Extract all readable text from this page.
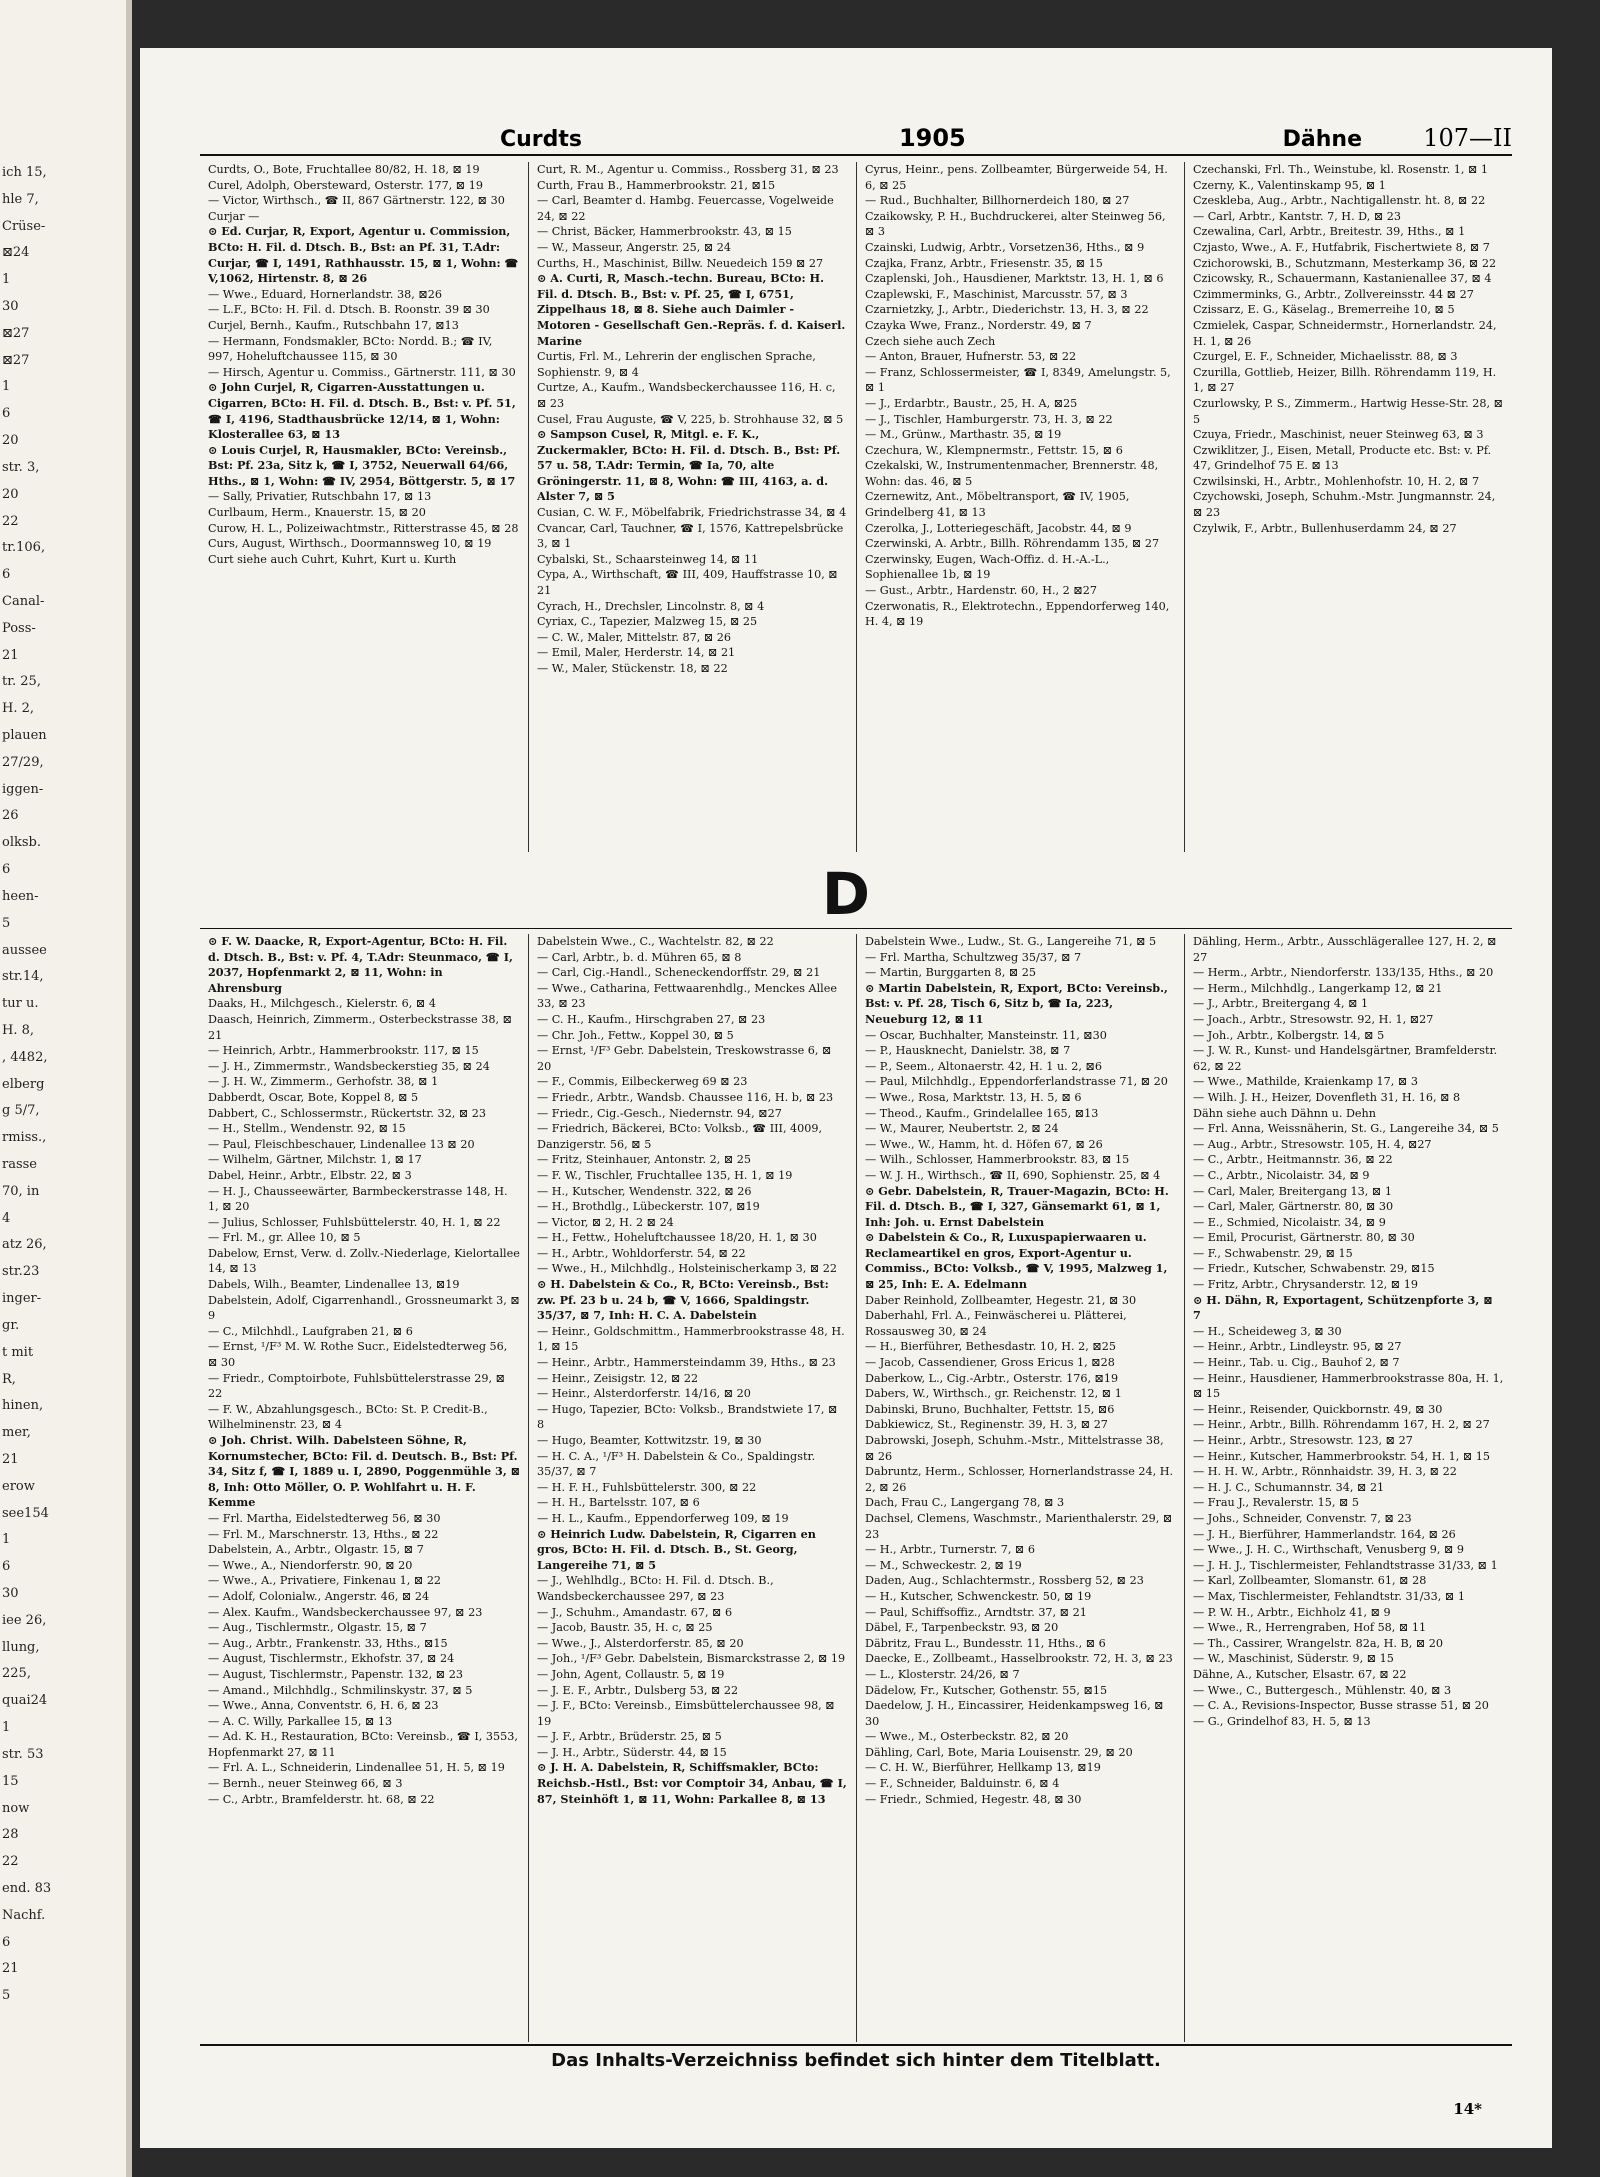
ich 15,
hle 7,
Crüse-
⊠24
1
30
⊠27
⊠27
1
6
20
str. 3,
20
22
tr.106,
6
Canal-
Poss-
21
tr. 25,
H. 2,
plauen
27/29,
iggen-
26
olksb.
6
heen-
5
aussee
str.14,
tur u.
H. 8,
, 4482,
elberg
g 5/7,
rmiss.,
rasse
70, in
4
atz 26,
str.23
inger-
gr.
t mit
R,
hinen,
mer,
21
erow
see154
1
6
30
iee 26,
llung,
225,
quai24
1
str. 53
15
now
28
22
end. 83
Nachf.
6
21
5
Curdts	1905	Dähne	107—II

Curdts, O., Bote, Fruchtallee 80/82, H. 18, ⊠ 19

Curel, Adolph, Obersteward, Osterstr. 177, ⊠ 19

— Victor, Wirthsch., ☎ II, 867 Gärtnerstr. 122, ⊠ 30

Curjar —

⊙ Ed. Curjar, R, Export, Agentur u. Commission, BCto: H. Fil. d. Dtsch. B., Bst: an Pf. 31, T.Adr: Curjar, ☎ I, 1491, Rathhausstr. 15, ⊠ 1, Wohn: ☎ V,1062, Hirtenstr. 8, ⊠ 26

— Wwe., Eduard, Hornerlandstr. 38, ⊠26

— L.F., BCto: H. Fil. d. Dtsch. B. Roonstr. 39 ⊠ 30

Curjel, Bernh., Kaufm., Rutschbahn 17, ⊠13

— Hermann, Fondsmakler, BCto: Nordd. B.; ☎ IV, 997, Hoheluftchaussee 115, ⊠ 30

— Hirsch, Agentur u. Commiss., Gärtnerstr. 111, ⊠ 30

⊙ John Curjel, R, Cigarren-Ausstattungen u. Cigarren, BCto: H. Fil. d. Dtsch. B., Bst: v. Pf. 51, ☎ I, 4196, Stadthausbrücke 12/14, ⊠ 1, Wohn: Klosterallee 63, ⊠ 13

⊙ Louis Curjel, R, Hausmakler, BCto: Vereinsb., Bst: Pf. 23a, Sitz k, ☎ I, 3752, Neuerwall 64/66, Hths., ⊠ 1, Wohn: ☎ IV, 2954, Böttgerstr. 5, ⊠ 17

— Sally, Privatier, Rutschbahn 17, ⊠ 13

Curlbaum, Herm., Knauerstr. 15, ⊠ 20

Curow, H. L., Polizeiwachtmstr., Ritterstrasse 45, ⊠ 28

Curs, August, Wirthsch., Doormannsweg 10, ⊠ 19

Curt siehe auch Cuhrt, Kuhrt, Kurt u. Kurth

Curt, R. M., Agentur u. Commiss., Rossberg 31, ⊠ 23

Curth, Frau B., Hammerbrookstr. 21, ⊠15

— Carl, Beamter d. Hambg. Feuercasse, Vogelweide 24, ⊠ 22

— Christ, Bäcker, Hammerbrookstr. 43, ⊠ 15

— W., Masseur, Angerstr. 25, ⊠ 24

Curths, H., Maschinist, Billw. Neuedeich 159 ⊠ 27

⊙ A. Curti, R, Masch.-techn. Bureau, BCto: H. Fil. d. Dtsch. B., Bst: v. Pf. 25, ☎ I, 6751, Zippelhaus 18, ⊠ 8. Siehe auch Daimler - Motoren - Gesellschaft Gen.-Repräs. f. d. Kaiserl. Marine

Curtis, Frl. M., Lehrerin der englischen Sprache, Sophienstr. 9, ⊠ 4

Curtze, A., Kaufm., Wandsbeckerchaussee 116, H. c, ⊠ 23

Cusel, Frau Auguste, ☎ V, 225, b. Strohhause 32, ⊠ 5

⊙ Sampson Cusel, R, Mitgl. e. F. K., Zuckermakler, BCto: H. Fil. d. Dtsch. B., Bst: Pf. 57 u. 58, T.Adr: Termin, ☎ Ia, 70, alte Gröningerstr. 11, ⊠ 8, Wohn: ☎ III, 4163, a. d. Alster 7, ⊠ 5

Cusian, C. W. F., Möbelfabrik, Friedrichstrasse 34, ⊠ 4

Cvancar, Carl, Tauchner, ☎ I, 1576, Kattrepelsbrücke 3, ⊠ 1

Cybalski, St., Schaarsteinweg 14, ⊠ 11

Cypa, A., Wirthschaft, ☎ III, 409, Hauffstrasse 10, ⊠ 21

Cyrach, H., Drechsler, Lincolnstr. 8, ⊠ 4

Cyriax, C., Tapezier, Malzweg 15, ⊠ 25

— C. W., Maler, Mittelstr. 87, ⊠ 26

— Emil, Maler, Herderstr. 14, ⊠ 21

— W., Maler, Stückenstr. 18, ⊠ 22

Cyrus, Heinr., pens. Zollbeamter, Bürgerweide 54, H. 6, ⊠ 25

— Rud., Buchhalter, Billhornerdeich 180, ⊠ 27

Czaikowsky, P. H., Buchdruckerei, alter Steinweg 56, ⊠ 3

Czainski, Ludwig, Arbtr., Vorsetzen36, Hths., ⊠ 9

Czajka, Franz, Arbtr., Friesenstr. 35, ⊠ 15

Czaplenski, Joh., Hausdiener, Marktstr. 13, H. 1, ⊠ 6

Czaplewski, F., Maschinist, Marcusstr. 57, ⊠ 3

Czarnietzky, J., Arbtr., Diederichstr. 13, H. 3, ⊠ 22

Czayka Wwe, Franz., Norderstr. 49, ⊠ 7

Czech siehe auch Zech

— Anton, Brauer, Hufnerstr. 53, ⊠ 22

— Franz, Schlossermeister, ☎ I, 8349, Amelungstr. 5, ⊠ 1

— J., Erdarbtr., Baustr., 25, H. A, ⊠25

— J., Tischler, Hamburgerstr. 73, H. 3, ⊠ 22

— M., Grünw., Marthastr. 35, ⊠ 19

Czechura, W., Klempnermstr., Fettstr. 15, ⊠ 6

Czekalski, W., Instrumentenmacher, Brennerstr. 48, Wohn: das. 46, ⊠ 5

Czernewitz, Ant., Möbeltransport, ☎ IV, 1905, Grindelberg 41, ⊠ 13

Czerolka, J., Lotteriegeschäft, Jacobstr. 44, ⊠ 9

Czerwinski, A. Arbtr., Billh. Röhrendamm 135, ⊠ 27

Czerwinsky, Eugen, Wach-Offiz. d. H.-A.-L., Sophienallee 1b, ⊠ 19

— Gust., Arbtr., Hardenstr. 60, H., 2 ⊠27

Czerwonatis, R., Elektrotechn., Eppendorferweg 140, H. 4, ⊠ 19

Czechanski, Frl. Th., Weinstube, kl. Rosenstr. 1, ⊠ 1

Czerny, K., Valentinskamp 95, ⊠ 1

Czeskleba, Aug., Arbtr., Nachtigallenstr. ht. 8, ⊠ 22

— Carl, Arbtr., Kantstr. 7, H. D, ⊠ 23

Czewalina, Carl, Arbtr., Breitestr. 39, Hths., ⊠ 1

Czjasto, Wwe., A. F., Hutfabrik, Fischertwiete 8, ⊠ 7

Czichorowski, B., Schutzmann, Mesterkamp 36, ⊠ 22

Czicowsky, R., Schauermann, Kastanienallee 37, ⊠ 4

Czimmerminks, G., Arbtr., Zollvereinsstr. 44 ⊠ 27

Czissarz, E. G., Käselag., Bremerreihe 10, ⊠ 5

Czmielek, Caspar, Schneidermstr., Hornerlandstr. 24, H. 1, ⊠ 26

Czurgel, E. F., Schneider, Michaelisstr. 88, ⊠ 3

Czurilla, Gottlieb, Heizer, Billh. Röhrendamm 119, H. 1, ⊠ 27

Czurlowsky, P. S., Zimmerm., Hartwig Hesse-Str. 28, ⊠ 5

Czuya, Friedr., Maschinist, neuer Steinweg 63, ⊠ 3

Czwiklitzer, J., Eisen, Metall, Producte etc. Bst: v. Pf. 47, Grindelhof 75 E. ⊠ 13

Czwilsinski, H., Arbtr., Mohlenhofstr. 10, H. 2, ⊠ 7

Czychowski, Joseph, Schuhm.-Mstr. Jungmannstr. 24, ⊠ 23

Czylwik, F., Arbtr., Bullenhuserdamm 24, ⊠ 27

D

⊙ F. W. Daacke, R, Export-Agentur, BCto: H. Fil. d. Dtsch. B., Bst: v. Pf. 4, T.Adr: Steunmaco, ☎ I, 2037, Hopfenmarkt 2, ⊠ 11, Wohn: in Ahrensburg

Daaks, H., Milchgesch., Kielerstr. 6, ⊠ 4

Daasch, Heinrich, Zimmerm., Osterbeckstrasse 38, ⊠ 21

— Heinrich, Arbtr., Hammerbrookstr. 117, ⊠ 15

— J. H., Zimmermstr., Wandsbeckerstieg 35, ⊠ 24

— J. H. W., Zimmerm., Gerhofstr. 38, ⊠ 1

Dabberdt, Oscar, Bote, Koppel 8, ⊠ 5

Dabbert, C., Schlossermstr., Rückertstr. 32, ⊠ 23

— H., Stellm., Wendenstr. 92, ⊠ 15

— Paul, Fleischbeschauer, Lindenallee 13 ⊠ 20

— Wilhelm, Gärtner, Milchstr. 1, ⊠ 17

Dabel, Heinr., Arbtr., Elbstr. 22, ⊠ 3

— H. J., Chausseewärter, Barmbeckerstrasse 148, H. 1, ⊠ 20

— Julius, Schlosser, Fuhlsbüttelerstr. 40, H. 1, ⊠ 22

— Frl. M., gr. Allee 10, ⊠ 5

Dabelow, Ernst, Verw. d. Zollv.-Niederlage, Kielortallee 14, ⊠ 13

Dabels, Wilh., Beamter, Lindenallee 13, ⊠19

Dabelstein, Adolf, Cigarrenhandl., Grossneumarkt 3, ⊠ 9

— C., Milchhdl., Laufgraben 21, ⊠ 6

— Ernst, ¹/F³ M. W. Rothe Sucr., Eidelstedterweg 56, ⊠ 30

— Friedr., Comptoirbote, Fuhlsbüttelerstrasse 29, ⊠ 22

— F. W., Abzahlungsgesch., BCto: St. P. Credit-B., Wilhelminenstr. 23, ⊠ 4

⊙ Joh. Christ. Wilh. Dabelsteen Söhne, R, Kornumstecher, BCto: Fil. d. Deutsch. B., Bst: Pf. 34, Sitz f, ☎ I, 1889 u. I, 2890, Poggenmühle 3, ⊠ 8, Inh: Otto Möller, O. P. Wohlfahrt u. H. F. Kemme

— Frl. Martha, Eidelstedterweg 56, ⊠ 30

— Frl. M., Marschnerstr. 13, Hths., ⊠ 22

Dabelstein, A., Arbtr., Olgastr. 15, ⊠ 7

— Wwe., A., Niendorferstr. 90, ⊠ 20

— Wwe., A., Privatiere, Finkenau 1, ⊠ 22

— Adolf, Colonialw., Angerstr. 46, ⊠ 24

— Alex. Kaufm., Wandsbeckerchaussee 97, ⊠ 23

— Aug., Tischlermstr., Olgastr. 15, ⊠ 7

— Aug., Arbtr., Frankenstr. 33, Hths., ⊠15

— August, Tischlermstr., Ekhofstr. 37, ⊠ 24

— August, Tischlermstr., Papenstr. 132, ⊠ 23

— Amand., Milchhdlg., Schmilinskystr. 37, ⊠ 5

— Wwe., Anna, Conventstr. 6, H. 6, ⊠ 23

— A. C. Willy, Parkallee 15, ⊠ 13

— Ad. K. H., Restauration, BCto: Vereinsb., ☎ I, 3553, Hopfenmarkt 27, ⊠ 11

— Frl. A. L., Schneiderin, Lindenallee 51, H. 5, ⊠ 19

— Bernh., neuer Steinweg 66, ⊠ 3

— C., Arbtr., Bramfelderstr. ht. 68, ⊠ 22

Dabelstein Wwe., C., Wachtelstr. 82, ⊠ 22

— Carl, Arbtr., b. d. Mühren 65, ⊠ 8

— Carl, Cig.-Handl., Scheneckendorffstr. 29, ⊠ 21

— Wwe., Catharina, Fettwaarenhdlg., Menckes Allee 33, ⊠ 23

— C. H., Kaufm., Hirschgraben 27, ⊠ 23

— Chr. Joh., Fettw., Koppel 30, ⊠ 5

— Ernst, ¹/F³ Gebr. Dabelstein, Treskowstrasse 6, ⊠ 20

— F., Commis, Eilbeckerweg 69 ⊠ 23

— Friedr., Arbtr., Wandsb. Chaussee 116, H. b, ⊠ 23

— Friedr., Cig.-Gesch., Niedernstr. 94, ⊠27

— Friedrich, Bäckerei, BCto: Volksb., ☎ III, 4009, Danzigerstr. 56, ⊠ 5

— Fritz, Steinhauer, Antonstr. 2, ⊠ 25

— F. W., Tischler, Fruchtallee 135, H. 1, ⊠ 19

— H., Kutscher, Wendenstr. 322, ⊠ 26

— H., Brothdlg., Lübeckerstr. 107, ⊠19

— Victor, ⊠ 2, H. 2 ⊠ 24

— H., Fettw., Hoheluftchaussee 18/20, H. 1, ⊠ 30

— H., Arbtr., Wohldorferstr. 54, ⊠ 22

— Wwe., H., Milchhdlg., Holsteinischerkamp 3, ⊠ 22

⊙ H. Dabelstein & Co., R, BCto: Vereinsb., Bst: zw. Pf. 23 b u. 24 b, ☎ V, 1666, Spaldingstr. 35/37, ⊠ 7, Inh: H. C. A. Dabelstein

— Heinr., Goldschmittm., Hammerbrookstrasse 48, H. 1, ⊠ 15

— Heinr., Arbtr., Hammersteindamm 39, Hths., ⊠ 23

— Heinr., Zeisigstr. 12, ⊠ 22

— Heinr., Alsterdorferstr. 14/16, ⊠ 20

— Hugo, Tapezier, BCto: Volksb., Brandstwiete 17, ⊠ 8

— Hugo, Beamter, Kottwitzstr. 19, ⊠ 30

— H. C. A., ¹/F³ H. Dabelstein & Co., Spaldingstr. 35/37, ⊠ 7

— H. F. H., Fuhlsbüttelerstr. 300, ⊠ 22

— H. H., Bartelsstr. 107, ⊠ 6

— H. L., Kaufm., Eppendorferweg 109, ⊠ 19

⊙ Heinrich Ludw. Dabelstein, R, Cigarren en gros, BCto: H. Fil. d. Dtsch. B., St. Georg, Langereihe 71, ⊠ 5

— J., Wehlhdlg., BCto: H. Fil. d. Dtsch. B., Wandsbeckerchaussee 297, ⊠ 23

— J., Schuhm., Amandastr. 67, ⊠ 6

— Jacob, Baustr. 35, H. c, ⊠ 25

— Wwe., J., Alsterdorferstr. 85, ⊠ 20

— Joh., ¹/F³ Gebr. Dabelstein, Bismarckstrasse 2, ⊠ 19

— John, Agent, Collaustr. 5, ⊠ 19

— J. E. F., Arbtr., Dulsberg 53, ⊠ 22

— J. F., BCto: Vereinsb., Eimsbüttelerchaussee 98, ⊠ 19

— J. F., Arbtr., Brüderstr. 25, ⊠ 5

— J. H., Arbtr., Süderstr. 44, ⊠ 15

⊙ J. H. A. Dabelstein, R, Schiffsmakler, BCto: Reichsb.-Hstl., Bst: vor Comptoir 34, Anbau, ☎ I, 87, Steinhöft 1, ⊠ 11, Wohn: Parkallee 8, ⊠ 13

Dabelstein Wwe., Ludw., St. G., Langereihe 71, ⊠ 5

— Frl. Martha, Schultzweg 35/37, ⊠ 7

— Martin, Burggarten 8, ⊠ 25

⊙ Martin Dabelstein, R, Export, BCto: Vereinsb., Bst: v. Pf. 28, Tisch 6, Sitz b, ☎ Ia, 223, Neueburg 12, ⊠ 11

— Oscar, Buchhalter, Mansteinstr. 11, ⊠30

— P., Hausknecht, Danielstr. 38, ⊠ 7

— P., Seem., Altonaerstr. 42, H. 1 u. 2, ⊠6

— Paul, Milchhdlg., Eppendorferlandstrasse 71, ⊠ 20

— Wwe., Rosa, Marktstr. 13, H. 5, ⊠ 6

— Theod., Kaufm., Grindelallee 165, ⊠13

— W., Maurer, Neubertstr. 2, ⊠ 24

— Wwe., W., Hamm, ht. d. Höfen 67, ⊠ 26

— Wilh., Schlosser, Hammerbrookstr. 83, ⊠ 15

— W. J. H., Wirthsch., ☎ II, 690, Sophienstr. 25, ⊠ 4

⊙ Gebr. Dabelstein, R, Trauer-Magazin, BCto: H. Fil. d. Dtsch. B., ☎ I, 327, Gänsemarkt 61, ⊠ 1, Inh: Joh. u. Ernst Dabelstein

⊙ Dabelstein & Co., R, Luxuspapierwaaren u. Reclameartikel en gros, Export-Agentur u. Commiss., BCto: Volksb., ☎ V, 1995, Malzweg 1, ⊠ 25, Inh: E. A. Edelmann

Daber Reinhold, Zollbeamter, Hegestr. 21, ⊠ 30

Daberhahl, Frl. A., Feinwäscherei u. Plätterei, Rossausweg 30, ⊠ 24

— H., Bierführer, Bethesdastr. 10, H. 2, ⊠25

— Jacob, Cassendiener, Gross Ericus 1, ⊠28

Daberkow, L., Cig.-Arbtr., Osterstr. 176, ⊠19

Dabers, W., Wirthsch., gr. Reichenstr. 12, ⊠ 1

Dabinski, Bruno, Buchhalter, Fettstr. 15, ⊠6

Dabkiewicz, St., Reginenstr. 39, H. 3, ⊠ 27

Dabrowski, Joseph, Schuhm.-Mstr., Mittelstrasse 38, ⊠ 26

Dabruntz, Herm., Schlosser, Hornerlandstrasse 24, H. 2, ⊠ 26

Dach, Frau C., Langergang 78, ⊠ 3

Dachsel, Clemens, Waschmstr., Marienthalerstr. 29, ⊠ 23

— H., Arbtr., Turnerstr. 7, ⊠ 6

— M., Schweckestr. 2, ⊠ 19

Daden, Aug., Schlachtermstr., Rossberg 52, ⊠ 23

— H., Kutscher, Schwenckestr. 50, ⊠ 19

— Paul, Schiffsoffiz., Arndtstr. 37, ⊠ 21

Däbel, F., Tarpenbeckstr. 93, ⊠ 20

Däbritz, Frau L., Bundesstr. 11, Hths., ⊠ 6

Daecke, E., Zollbeamt., Hasselbrookstr. 72, H. 3, ⊠ 23

— L., Klosterstr. 24/26, ⊠ 7

Dädelow, Fr., Kutscher, Gothenstr. 55, ⊠15

Daedelow, J. H., Eincassirer, Heidenkampsweg 16, ⊠ 30

— Wwe., M., Osterbeckstr. 82, ⊠ 20

Dähling, Carl, Bote, Maria Louisenstr. 29, ⊠ 20

— C. H. W., Bierführer, Hellkamp 13, ⊠19

— F., Schneider, Balduinstr. 6, ⊠ 4

— Friedr., Schmied, Hegestr. 48, ⊠ 30

Dähling, Herm., Arbtr., Ausschlägerallee 127, H. 2, ⊠ 27

— Herm., Arbtr., Niendorferstr. 133/135, Hths., ⊠ 20

— Herm., Milchhdlg., Langerkamp 12, ⊠ 21

— J., Arbtr., Breitergang 4, ⊠ 1

— Joach., Arbtr., Stresowstr. 92, H. 1, ⊠27

— Joh., Arbtr., Kolbergstr. 14, ⊠ 5

— J. W. R., Kunst- und Handelsgärtner, Bramfelderstr. 62, ⊠ 22

— Wwe., Mathilde, Kraienkamp 17, ⊠ 3

— Wilh. J. H., Heizer, Dovenfleth 31, H. 16, ⊠ 8

Dähn siehe auch Dähnn u. Dehn

— Frl. Anna, Weissnäherin, St. G., Langereihe 34, ⊠ 5

— Aug., Arbtr., Stresowstr. 105, H. 4, ⊠27

— C., Arbtr., Heitmannstr. 36, ⊠ 22

— C., Arbtr., Nicolaistr. 34, ⊠ 9

— Carl, Maler, Breitergang 13, ⊠ 1

— Carl, Maler, Gärtnerstr. 80, ⊠ 30

— E., Schmied, Nicolaistr. 34, ⊠ 9

— Emil, Procurist, Gärtnerstr. 80, ⊠ 30

— F., Schwabenstr. 29, ⊠ 15

— Friedr., Kutscher, Schwabenstr. 29, ⊠15

— Fritz, Arbtr., Chrysanderstr. 12, ⊠ 19

⊙ H. Dähn, R, Exportagent, Schützenpforte 3, ⊠ 7

— H., Scheideweg 3, ⊠ 30

— Heinr., Arbtr., Lindleystr. 95, ⊠ 27

— Heinr., Tab. u. Cig., Bauhof 2, ⊠ 7

— Heinr., Hausdiener, Hammerbrookstrasse 80a, H. 1, ⊠ 15

— Heinr., Reisender, Quickbornstr. 49, ⊠ 30

— Heinr., Arbtr., Billh. Röhrendamm 167, H. 2, ⊠ 27

— Heinr., Arbtr., Stresowstr. 123, ⊠ 27

— Heinr., Kutscher, Hammerbrookstr. 54, H. 1, ⊠ 15

— H. H. W., Arbtr., Rönnhaidstr. 39, H. 3, ⊠ 22

— H. J. C., Schumannstr. 34, ⊠ 21

— Frau J., Revalerstr. 15, ⊠ 5

— Johs., Schneider, Convenstr. 7, ⊠ 23

— J. H., Bierführer, Hammerlandstr. 164, ⊠ 26

— Wwe., J. H. C., Wirthschaft, Venusberg 9, ⊠ 9

— J. H. J., Tischlermeister, Fehlandtstrasse 31/33, ⊠ 1

— Karl, Zollbeamter, Slomanstr. 61, ⊠ 28

— Max, Tischlermeister, Fehlandtstr. 31/33, ⊠ 1

— P. W. H., Arbtr., Eichholz 41, ⊠ 9

— Wwe., R., Herrengraben, Hof 58, ⊠ 11

— Th., Cassirer, Wrangelstr. 82a, H. B, ⊠ 20

— W., Maschinist, Süderstr. 9, ⊠ 15

Dähne, A., Kutscher, Elsastr. 67, ⊠ 22

— Wwe., C., Buttergesch., Mühlenstr. 40, ⊠ 3

— C. A., Revisions-Inspector, Busse strasse 51, ⊠ 20

— G., Grindelhof 83, H. 5, ⊠ 13

Das Inhalts-Verzeichniss befindet sich hinter dem Titelblatt.
14*
